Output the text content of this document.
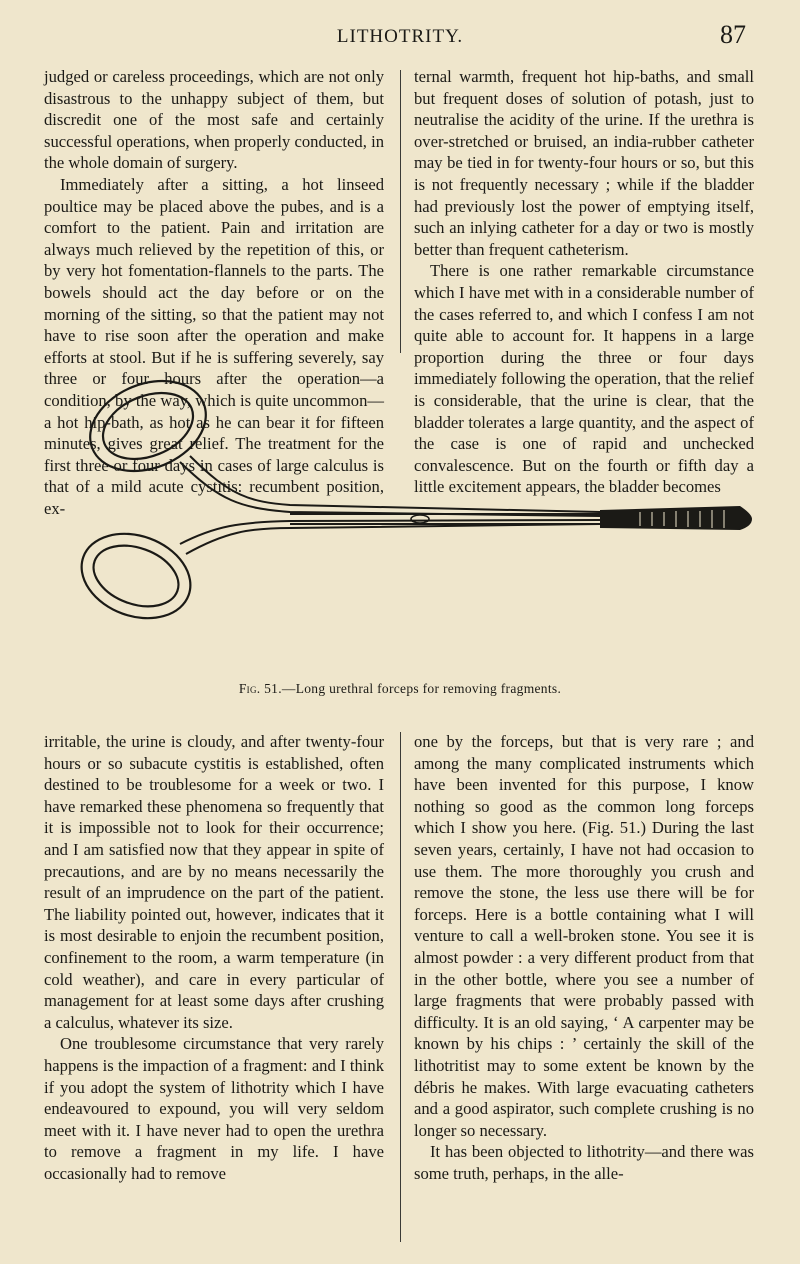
LITHOTRITY.	87

judged or careless proceedings, which are not only disastrous to the unhappy subject of them, but discredit one of the most safe and certainly successful operations, when properly conducted, in the whole domain of surgery.

Immediately after a sitting, a hot linseed poultice may be placed above the pubes, and is a comfort to the patient. Pain and irritation are always much relieved by the repetition of this, or by very hot fomentation-flannels to the parts. The bowels should act the day before or on the morning of the sitting, so that the patient may not have to rise soon after the operation and make efforts at stool. But if he is suffering severely, say three or four hours after the operation—a condition, by the way, which is quite uncommon—a hot hip-bath, as hot as he can bear it for fifteen minutes, gives great relief. The treatment for the first three or four days in cases of large calculus is that of a mild acute cystitis: recumbent position, ex-

ternal warmth, frequent hot hip-baths, and small but frequent doses of solution of potash, just to neutralise the acidity of the urine. If the urethra is over-stretched or bruised, an india-rubber catheter may be tied in for twenty-four hours or so, but this is not frequently necessary ; while if the bladder had previously lost the power of emptying itself, such an inlying catheter for a day or two is mostly better than frequent catheterism.

There is one rather remarkable circumstance which I have met with in a considerable number of the cases referred to, and which I confess I am not quite able to account for. It happens in a large proportion during the three or four days immediately following the operation, that the relief is considerable, that the urine is clear, that the bladder tolerates a large quantity, and the aspect of the case is one of rapid and unchecked convalescence. But on the fourth or fifth day a little excitement appears, the bladder becomes

Fig. 51.—Long urethral forceps for removing fragments.

irritable, the urine is cloudy, and after twenty-four hours or so subacute cystitis is established, often destined to be troublesome for a week or two. I have remarked these phenomena so frequently that it is impossible not to look for their occurrence; and I am satisfied now that they appear in spite of precautions, and are by no means necessarily the result of an imprudence on the part of the patient. The liability pointed out, however, indicates that it is most desirable to enjoin the recumbent position, confinement to the room, a warm temperature (in cold weather), and care in every particular of management for at least some days after crushing a calculus, whatever its size.

One troublesome circumstance that very rarely happens is the impaction of a fragment: and I think if you adopt the system of lithotrity which I have endeavoured to expound, you will very seldom meet with it. I have never had to open the urethra to remove a fragment in my life. I have occasionally had to remove

one by the forceps, but that is very rare ; and among the many complicated instruments which have been invented for this purpose, I know nothing so good as the common long forceps which I show you here. (Fig. 51.) During the last seven years, certainly, I have not had occasion to use them. The more thoroughly you crush and remove the stone, the less use there will be for forceps. Here is a bottle containing what I will venture to call a well-broken stone. You see it is almost powder : a very different product from that in the other bottle, where you see a number of large fragments that were probably passed with difficulty. It is an old saying, ‘ A carpenter may be known by his chips : ’ certainly the skill of the lithotritist may to some extent be known by the débris he makes. With large evacuating catheters and a good aspirator, such complete crushing is no longer so necessary.

It has been objected to lithotrity—and there was some truth, perhaps, in the alle-
